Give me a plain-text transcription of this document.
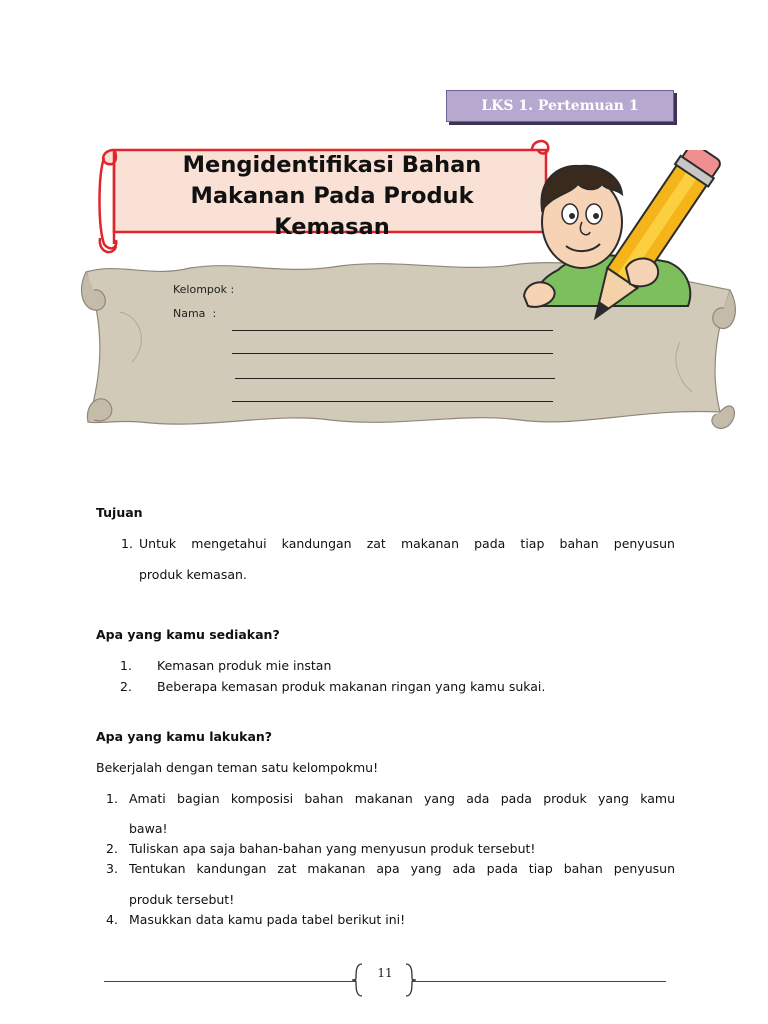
LKS 1. Pertemuan 1
Mengidentifikasi Bahan
Makanan Pada Produk
Kemasan
Kelompok :
Nama :
Tujuan
1. Untuk mengetahui kandungan zat makanan pada tiap bahan penyusun
produk kemasan.
Apa yang kamu sediakan?
1. Kemasan produk mie instan
2. Beberapa kemasan produk makanan ringan yang kamu sukai.
Apa yang kamu lakukan?
Bekerjalah dengan teman satu kelompokmu!
1. Amati bagian komposisi bahan makanan yang ada pada produk yang kamu
bawa!
2. Tuliskan apa saja bahan-bahan yang menyusun produk tersebut!
3. Tentukan kandungan zat makanan apa yang ada pada tiap bahan penyusun
produk tersebut!
4. Masukkan data kamu pada tabel berikut ini!
11
